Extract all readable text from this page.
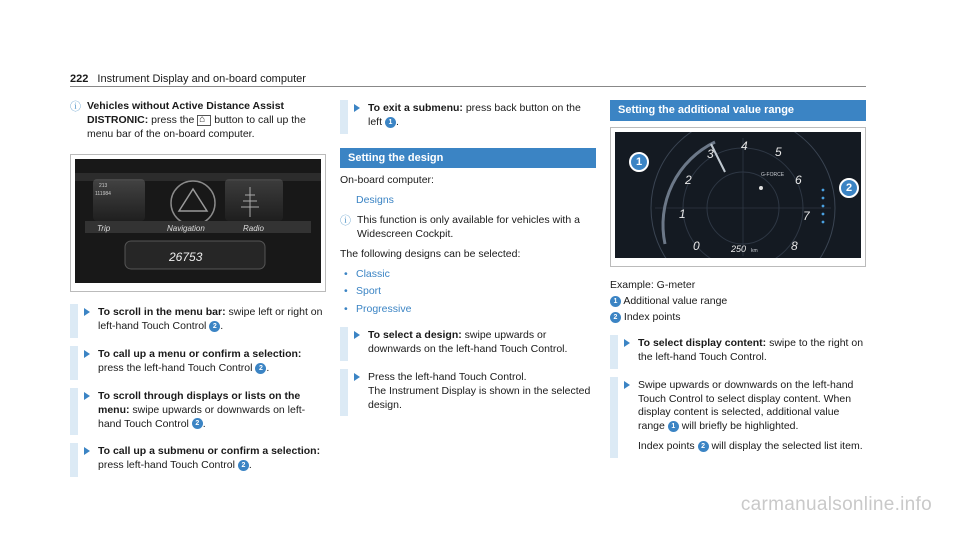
222 Instrument Display and on-board computer
ⓘ Vehicles without Active Distance Assist DISTRONIC: press the ⌂ button to call up the menu bar of the on-board computer.
213
111984
Trip	Navigation	Radio
26753
To scroll in the menu bar: swipe left or right on left-hand Touch Control 2 .
To call up a menu or confirm a selection: press the left-hand Touch Control 2 .
To scroll through displays or lists on the menu: swipe upwards or downwards on left-hand Touch Control 2 .
To call up a submenu or confirm a selection: press left-hand Touch Control 2 .
To exit a submenu: press back button on the left 1 .
Setting the design

On-board computer:

Designs

ⓘ This function is only available for vehicles with a Widescreen Cockpit.

The following designs can be selected:

• Classic
• Sport
• Progressive
To select a design: swipe upwards or downwards on the left-hand Touch Control.
Press the left-hand Touch Control.
The Instrument Display is shown in the selected design.
Setting the additional value range
3
4 5
2	6
1	7
0	8
G-FORCE
250 km
1
2

Example: G-meter

1 Additional value range

2 Index points

To select display content: swipe to the right on the left-hand Touch Control.

Swipe upwards or downwards on the left-hand Touch Control to select display content. When display content is selected, additional value range 1 will briefly be highlighted.

Index points 2 will display the selected list item.

carmanualsonline.info
